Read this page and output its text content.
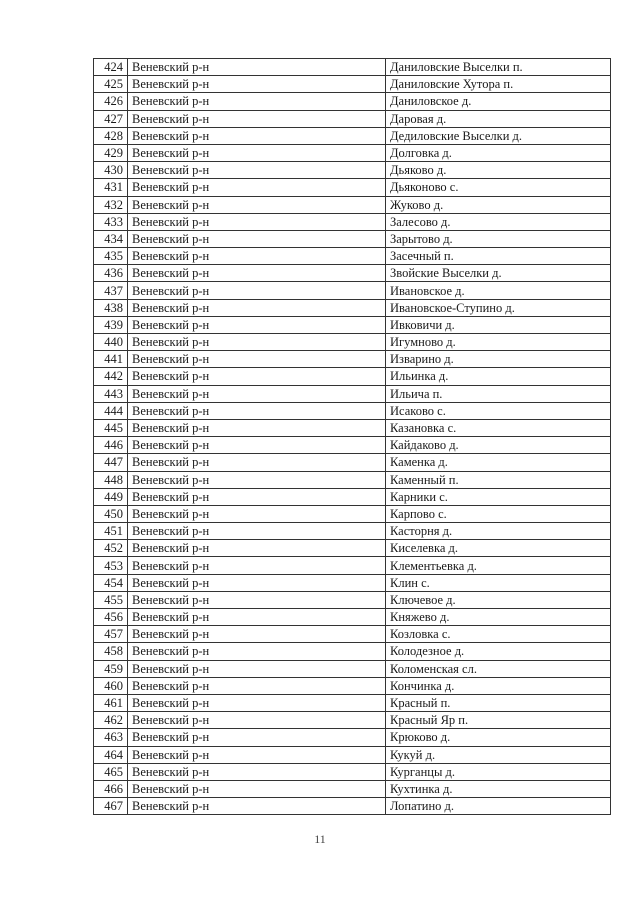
424	Веневский р-н	Даниловские Выселки п.
425	Веневский р-н	Даниловские Хутора п.
426	Веневский р-н	Даниловское д.
427	Веневский р-н	Даровая д.
428	Веневский р-н	Дедиловские Выселки д.
429	Веневский р-н	Долговка д.
430	Веневский р-н	Дьяково д.
431	Веневский р-н	Дьяконово с.
432	Веневский р-н	Жуково д.
433	Веневский р-н	Залесово д.
434	Веневский р-н	Зарытово д.
435	Веневский р-н	Засечный п.
436	Веневский р-н	Звойские Выселки д.
437	Веневский р-н	Ивановское д.
438	Веневский р-н	Ивановское-Ступино д.
439	Веневский р-н	Ивковичи д.
440	Веневский р-н	Игумново д.
441	Веневский р-н	Изварино д.
442	Веневский р-н	Ильинка д.
443	Веневский р-н	Ильича п.
444	Веневский р-н	Исаково с.
445	Веневский р-н	Казановка с.
446	Веневский р-н	Кайдаково д.
447	Веневский р-н	Каменка д.
448	Веневский р-н	Каменный п.
449	Веневский р-н	Карники с.
450	Веневский р-н	Карпово с.
451	Веневский р-н	Касторня д.
452	Веневский р-н	Киселевка д.
453	Веневский р-н	Клементьевка д.
454	Веневский р-н	Клин с.
455	Веневский р-н	Ключевое д.
456	Веневский р-н	Княжево д.
457	Веневский р-н	Козловка с.
458	Веневский р-н	Колодезное д.
459	Веневский р-н	Коломенская сл.
460	Веневский р-н	Кончинка д.
461	Веневский р-н	Красный п.
462	Веневский р-н	Красный Яр п.
463	Веневский р-н	Крюково д.
464	Веневский р-н	Кукуй д.
465	Веневский р-н	Курганцы д.
466	Веневский р-н	Кухтинка д.
467	Веневский р-н	Лопатино д.
11
